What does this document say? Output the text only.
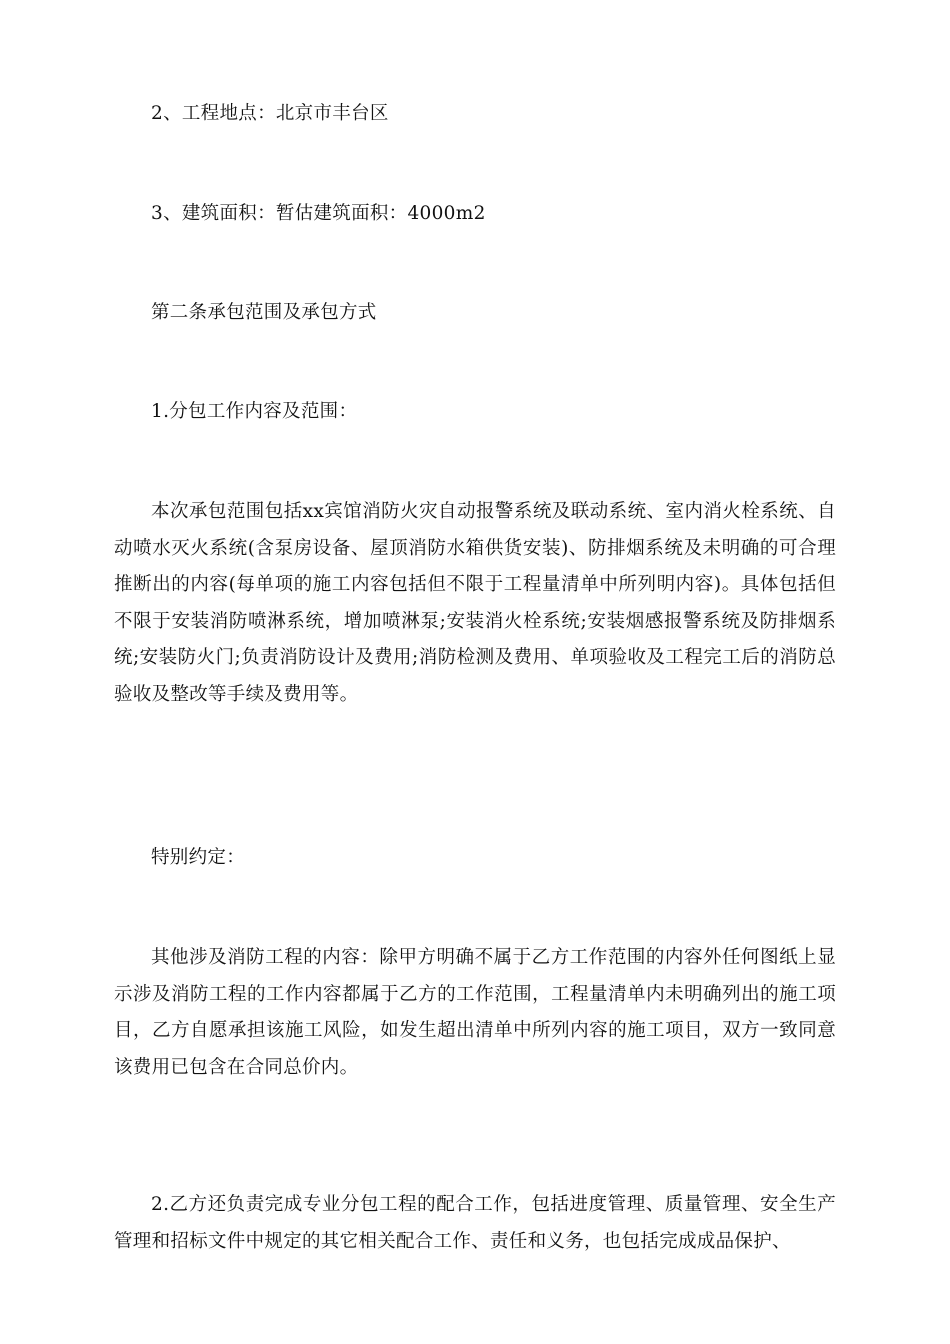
2、工程地点：北京市丰台区

3、建筑面积：暂估建筑面积：4000m2

第二条承包范围及承包方式

1.分包工作内容及范围：

本次承包范围包括xx宾馆消防火灾自动报警系统及联动系统、室内消火栓系统、自动喷水灭火系统(含泵房设备、屋顶消防水箱供货安装)、防排烟系统及未明确的可合理推断出的内容(每单项的施工内容包括但不限于工程量清单中所列明内容)。具体包括但不限于安装消防喷淋系统，增加喷淋泵;安装消火栓系统;安装烟感报警系统及防排烟系统;安装防火门;负责消防设计及费用;消防检测及费用、单项验收及工程完工后的消防总验收及整改等手续及费用等。

特别约定：

其他涉及消防工程的内容：除甲方明确不属于乙方工作范围的内容外任何图纸上显示涉及消防工程的工作内容都属于乙方的工作范围，工程量清单内未明确列出的施工项目，乙方自愿承担该施工风险，如发生超出清单中所列内容的施工项目，双方一致同意该费用已包含在合同总价内。

2.乙方还负责完成专业分包工程的配合工作，包括进度管理、质量管理、安全生产管理和招标文件中规定的其它相关配合工作、责任和义务，也包括完成成品保护、
